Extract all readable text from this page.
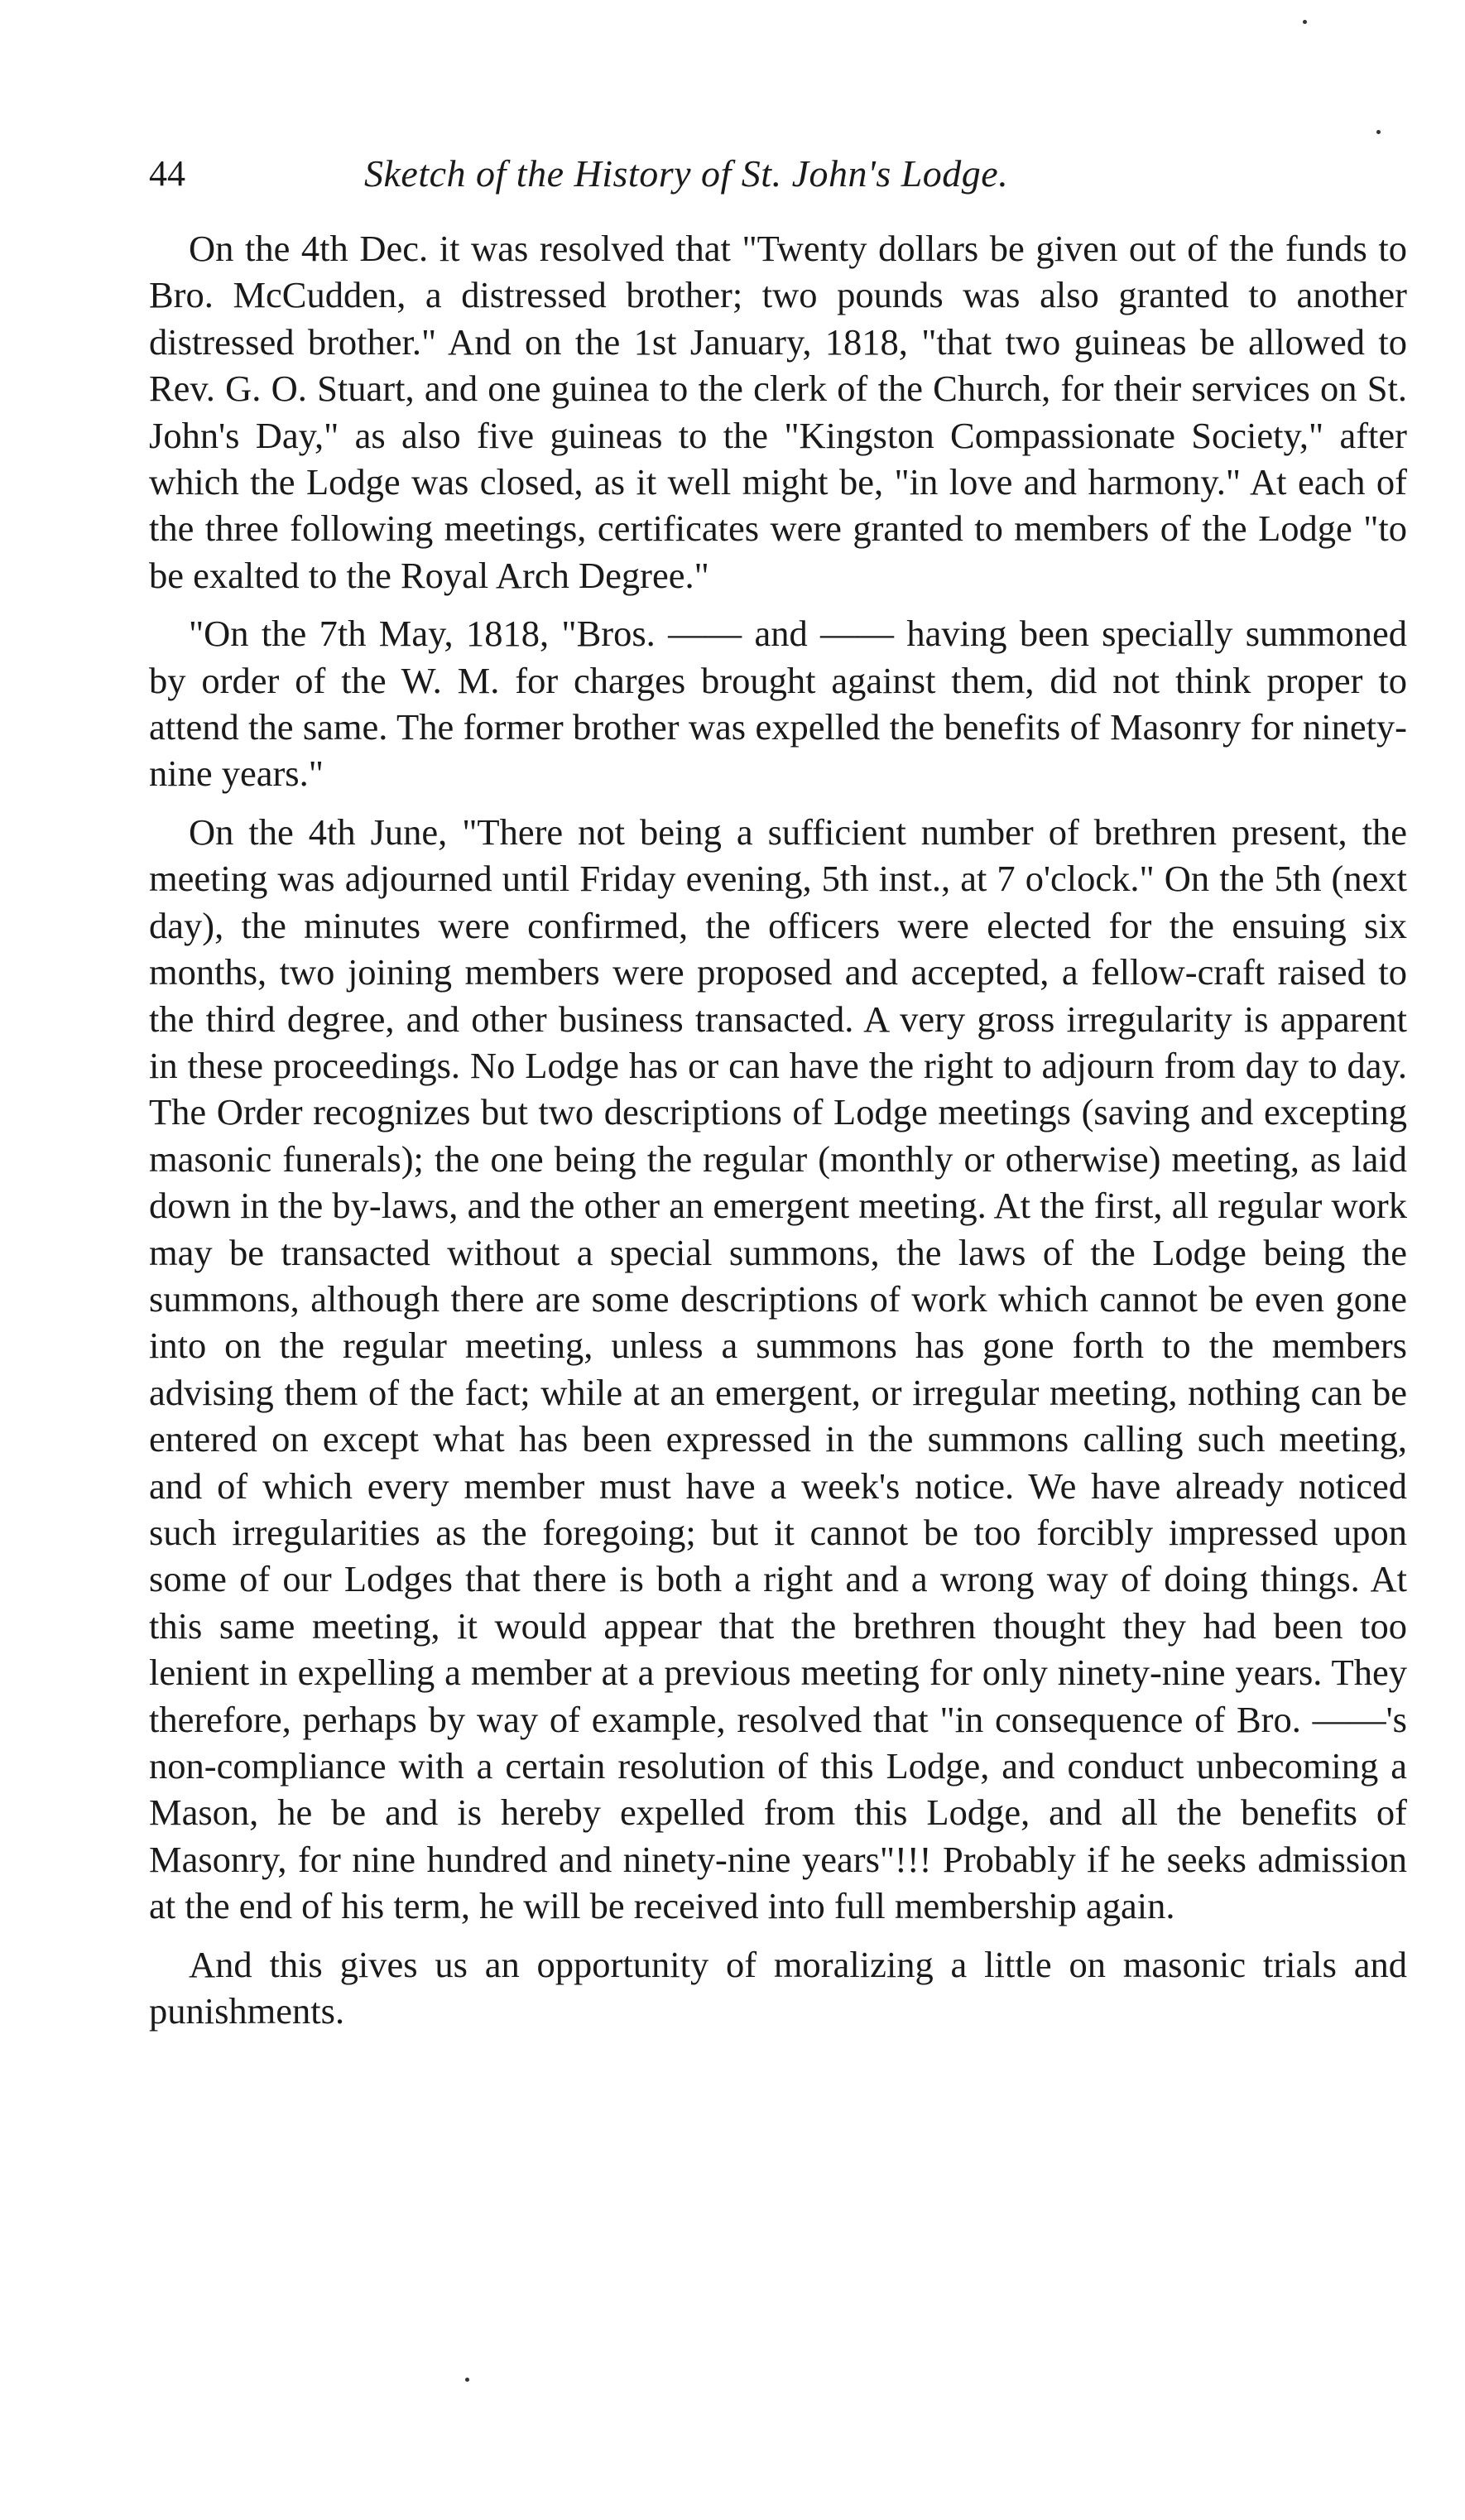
44	Sketch of the History of St. John's Lodge.

On the 4th Dec. it was resolved that "Twenty dollars be given out of the funds to Bro. McCudden, a distressed brother; two pounds was also granted to another distressed brother." And on the 1st January, 1818, "that two guineas be allowed to Rev. G. O. Stuart, and one guinea to the clerk of the Church, for their services on St. John's Day," as also five guineas to the "Kingston Compassionate Society," after which the Lodge was closed, as it well might be, "in love and harmony." At each of the three following meetings, certificates were granted to members of the Lodge "to be exalted to the Royal Arch Degree."

"On the 7th May, 1818, "Bros. —— and —— having been specially summoned by order of the W. M. for charges brought against them, did not think proper to attend the same. The former brother was expelled the benefits of Masonry for ninety-nine years."

On the 4th June, "There not being a sufficient number of brethren present, the meeting was adjourned until Friday evening, 5th inst., at 7 o'clock." On the 5th (next day), the minutes were confirmed, the officers were elected for the ensuing six months, two joining members were proposed and accepted, a fellow-craft raised to the third degree, and other business transacted. A very gross irregularity is apparent in these proceedings. No Lodge has or can have the right to adjourn from day to day. The Order recognizes but two descriptions of Lodge meetings (saving and excepting masonic funerals); the one being the regular (monthly or otherwise) meeting, as laid down in the by-laws, and the other an emergent meeting. At the first, all regular work may be transacted without a special summons, the laws of the Lodge being the summons, although there are some descriptions of work which cannot be even gone into on the regular meeting, unless a summons has gone forth to the members advising them of the fact; while at an emergent, or irregular meeting, nothing can be entered on except what has been expressed in the summons calling such meeting, and of which every member must have a week's notice. We have already noticed such irregularities as the foregoing; but it cannot be too forcibly impressed upon some of our Lodges that there is both a right and a wrong way of doing things. At this same meeting, it would appear that the brethren thought they had been too lenient in expelling a member at a previous meeting for only ninety-nine years. They therefore, perhaps by way of example, resolved that "in consequence of Bro. ——'s non-compliance with a certain resolution of this Lodge, and conduct unbecoming a Mason, he be and is hereby expelled from this Lodge, and all the benefits of Masonry, for nine hundred and ninety-nine years"!!! Probably if he seeks admission at the end of his term, he will be received into full membership again.

And this gives us an opportunity of moralizing a little on masonic trials and punishments.
